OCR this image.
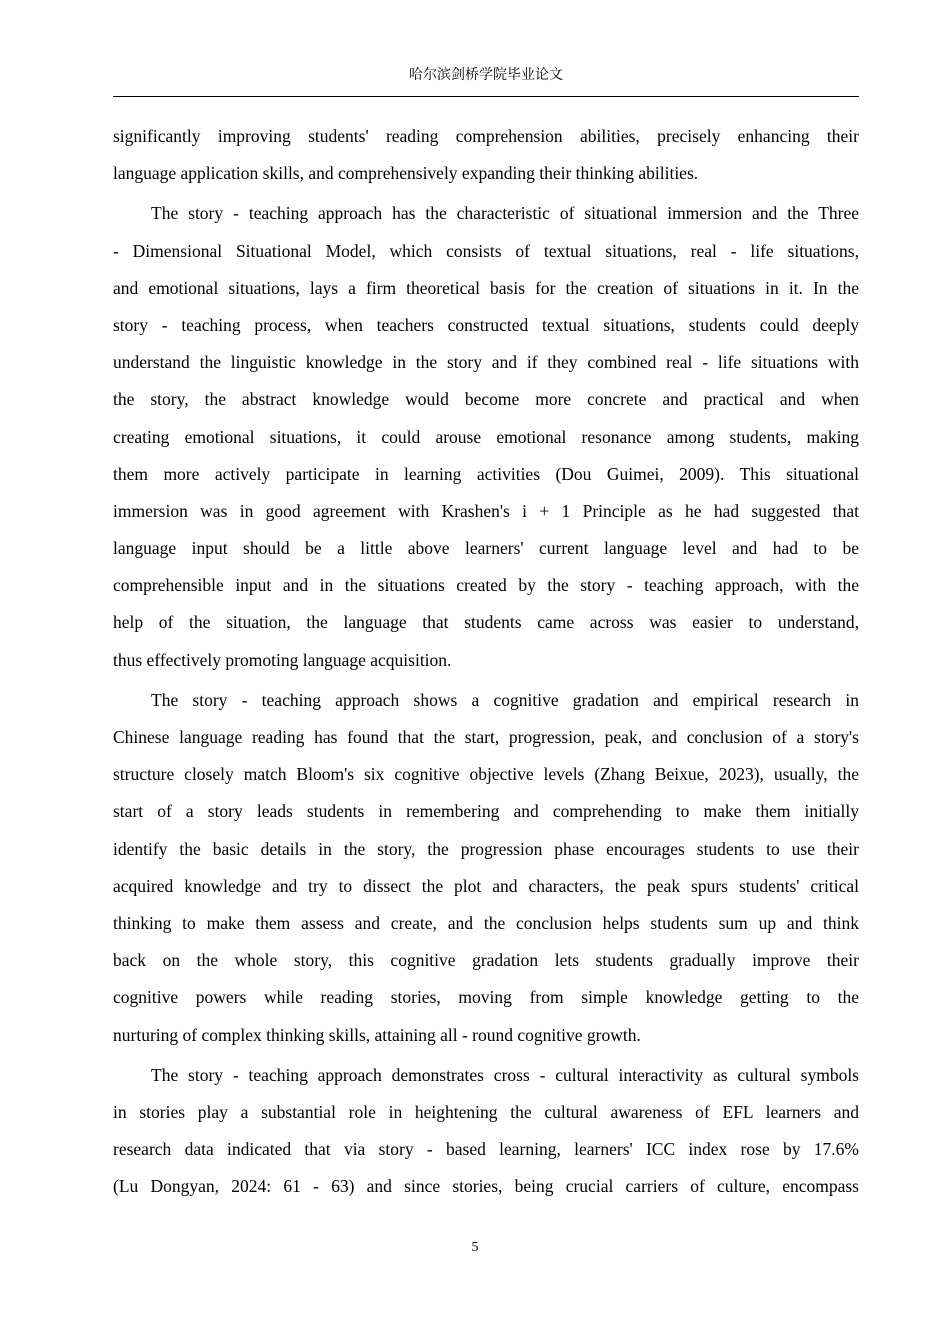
哈尔滨剑桥学院毕业论文
significantly improving students' reading comprehension abilities, precisely enhancing their
language application skills, and comprehensively expanding their thinking abilities.
The story - teaching approach has the characteristic of situational immersion and the Three
- Dimensional Situational Model, which consists of textual situations, real - life situations,
and emotional situations, lays a firm theoretical basis for the creation of situations in it. In the
story - teaching process, when teachers constructed textual situations, students could deeply
understand the linguistic knowledge in the story and if they combined real - life situations with
the story, the abstract knowledge would become more concrete and practical and when
creating emotional situations, it could arouse emotional resonance among students, making
them more actively participate in learning activities (Dou Guimei, 2009). This situational
immersion was in good agreement with Krashen's i + 1 Principle as he had suggested that
language input should be a little above learners' current language level and had to be
comprehensible input and in the situations created by the story - teaching approach, with the
help of the situation, the language that students came across was easier to understand,
thus effectively promoting language acquisition.
The story - teaching approach shows a cognitive gradation and empirical research in
Chinese language reading has found that the start, progression, peak, and conclusion of a story's
structure closely match Bloom's six cognitive objective levels (Zhang Beixue, 2023), usually, the
start of a story leads students in remembering and comprehending to make them initially
identify the basic details in the story, the progression phase encourages students to use their
acquired knowledge and try to dissect the plot and characters, the peak spurs students' critical
thinking to make them assess and create, and the conclusion helps students sum up and think
back on the whole story, this cognitive gradation lets students gradually improve their
cognitive powers while reading stories, moving from simple knowledge getting to the
nurturing of complex thinking skills, attaining all - round cognitive growth.
The story - teaching approach demonstrates cross - cultural interactivity as cultural symbols
in stories play a substantial role in heightening the cultural awareness of EFL learners and
research data indicated that via story - based learning, learners' ICC index rose by 17.6%
(Lu Dongyan, 2024: 61 - 63) and since stories, being crucial carriers of culture, encompass
5
